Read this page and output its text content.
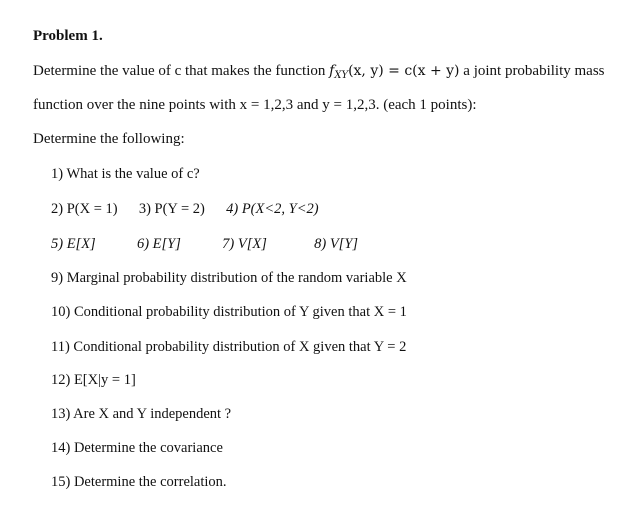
Problem 1.
Determine the value of c that makes the function $f_{XY}(x$, y) = c(x + y) a joint probability mass
function over the nine points with x = 1,2,3 and y = 1,2,3. (each 1 points):
Determine the following:
1) What is the value of c?
2) P(X = 1) 3) P(Y = 2) 4) P(X<2, Y<2)
5) E[X]	6) E[Y]	7) V[X]	8) V[Y]
9) Marginal probability distribution of the random variable X
10) Conditional probability distribution of Y given that X = 1
11) Conditional probability distribution of X given that Y = 2
12) E[X|y = 1]
13) Are X and Y independent ?
14) Determine the covariance
15) Determine the correlation.
